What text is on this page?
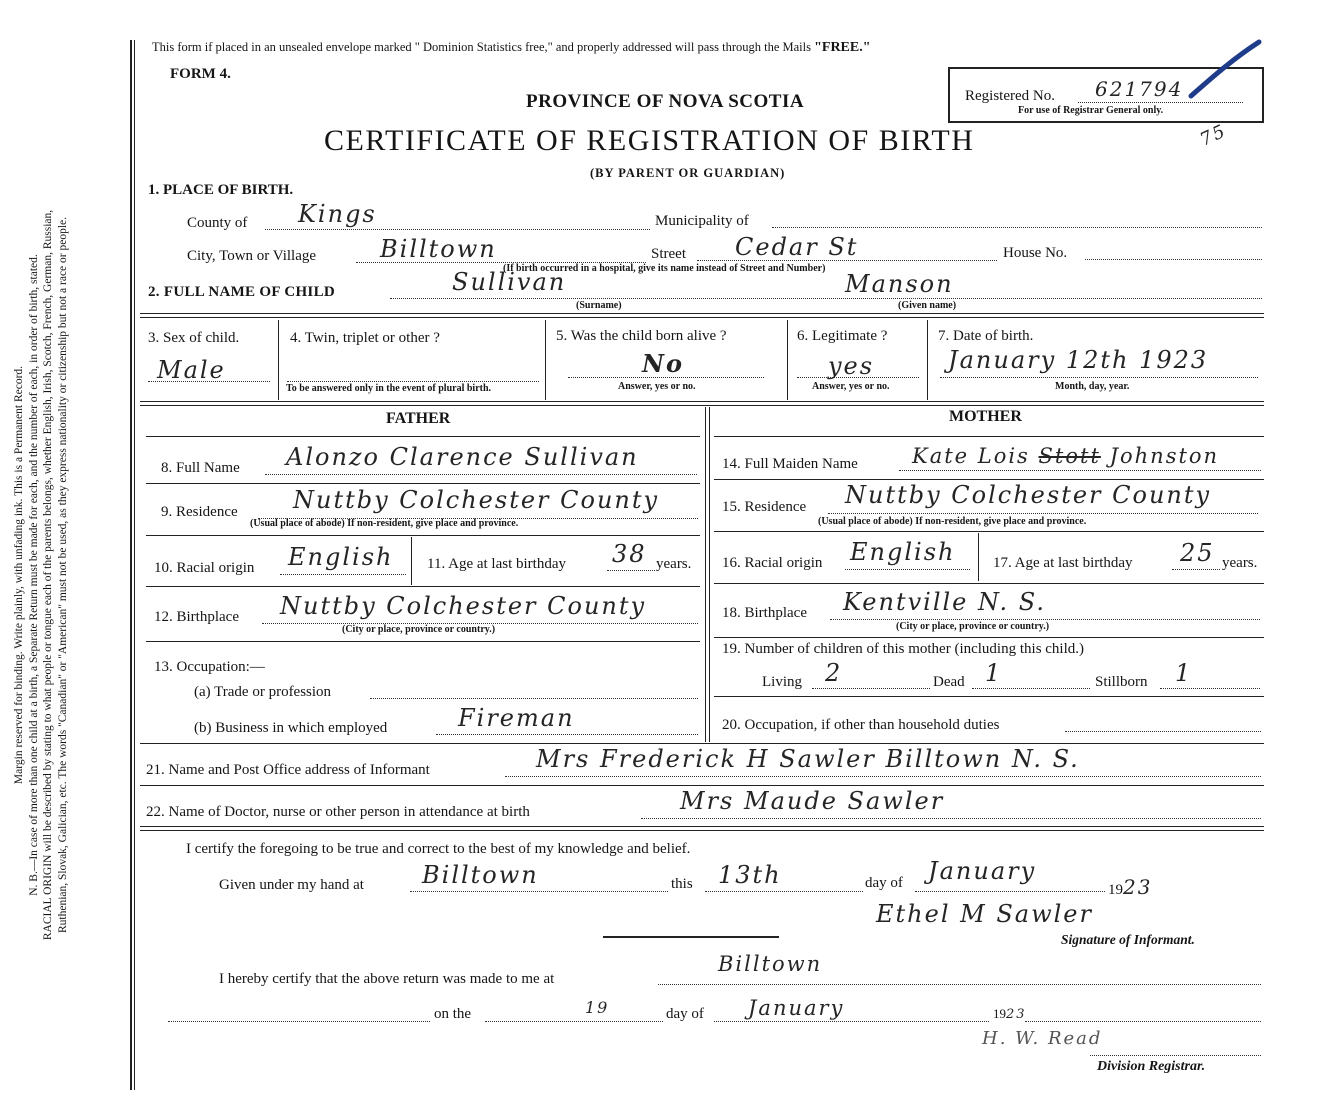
Margin reserved for binding. Write plainly, with unfading ink. This is a Permanent Record. N. B.—In case of more than one child at a birth, a Separate Return must be made for each, and the number of each, in order of birth, stated. RACIAL ORIGIN will be described by stating to what people or tongue each of the parents belongs, whether English, Irish, Scotch, French, German, Russian, Ruthenian, Slovak, Galician, etc. The words "Canadian" or "American" must not be used, as they express nationality or citizenship but not a race or people.
This form if placed in an unsealed envelope marked " Dominion Statistics free," and properly addressed will pass through the Mails "FREE."
FORM 4.
PROVINCE OF NOVA SCOTIA
CERTIFICATE OF REGISTRATION OF BIRTH
(BY PARENT OR GUARDIAN)
Registered No. 621794
For use of Registrar General only.
75
1. PLACE OF BIRTH.
County of Kings	Municipality of
City, Town or Village	Billtown	Street Cedar St	House No.
(If birth occurred in a hospital, give its name instead of Street and Number)
2. FULL NAME OF CHILD	Sullivan	Manson
(Surname)	(Given name)
3. Sex of child.
Male
4. Twin, triplet or other ?
To be answered only in the event of plural birth.
5. Was the child born alive ?
No
Answer, yes or no.
6. Legitimate ?
yes
Answer, yes or no.
7. Date of birth.
January 12th 1923
Month, day, year.
FATHER
8. Full Name Alonzo Clarence Sullivan
9. Residence Nuttby Colchester County
(Usual place of abode) If non-resident, give place and province.
10. Racial origin English 11. Age at last birthday 38 years.
12. Birthplace Nuttby Colchester County
(City or place, province or country.)
13. Occupation:—
(a) Trade or profession
(b) Business in which employed	Fireman
MOTHER
14. Full Maiden Name	Kate Lois Stott Johnston
15. Residence Nuttby Colchester County
(Usual place of abode) If non-resident, give place and province.
16. Racial origin English	17. Age at last birthday 25 years.
18. Birthplace Kentville N. S.
(City or place, province or country.)
19. Number of children of this mother (including this child.)
Living 2	Dead 1	Stillborn 1
20. Occupation, if other than household duties
21. Name and Post Office address of Informant	Mrs Frederick H Sawler Billtown N. S.
22. Name of Doctor, nurse or other person in attendance at birth	Mrs Maude Sawler
I certify the foregoing to be true and correct to the best of my knowledge and belief.
Given under my hand at Billtown	this 13th	day of January
1923
Ethel M Sawler
Signature of Informant.
I hereby certify that the above return was made to me at
Billtown
on the	19	day of January	1923
H. W. Read
Division Registrar.
